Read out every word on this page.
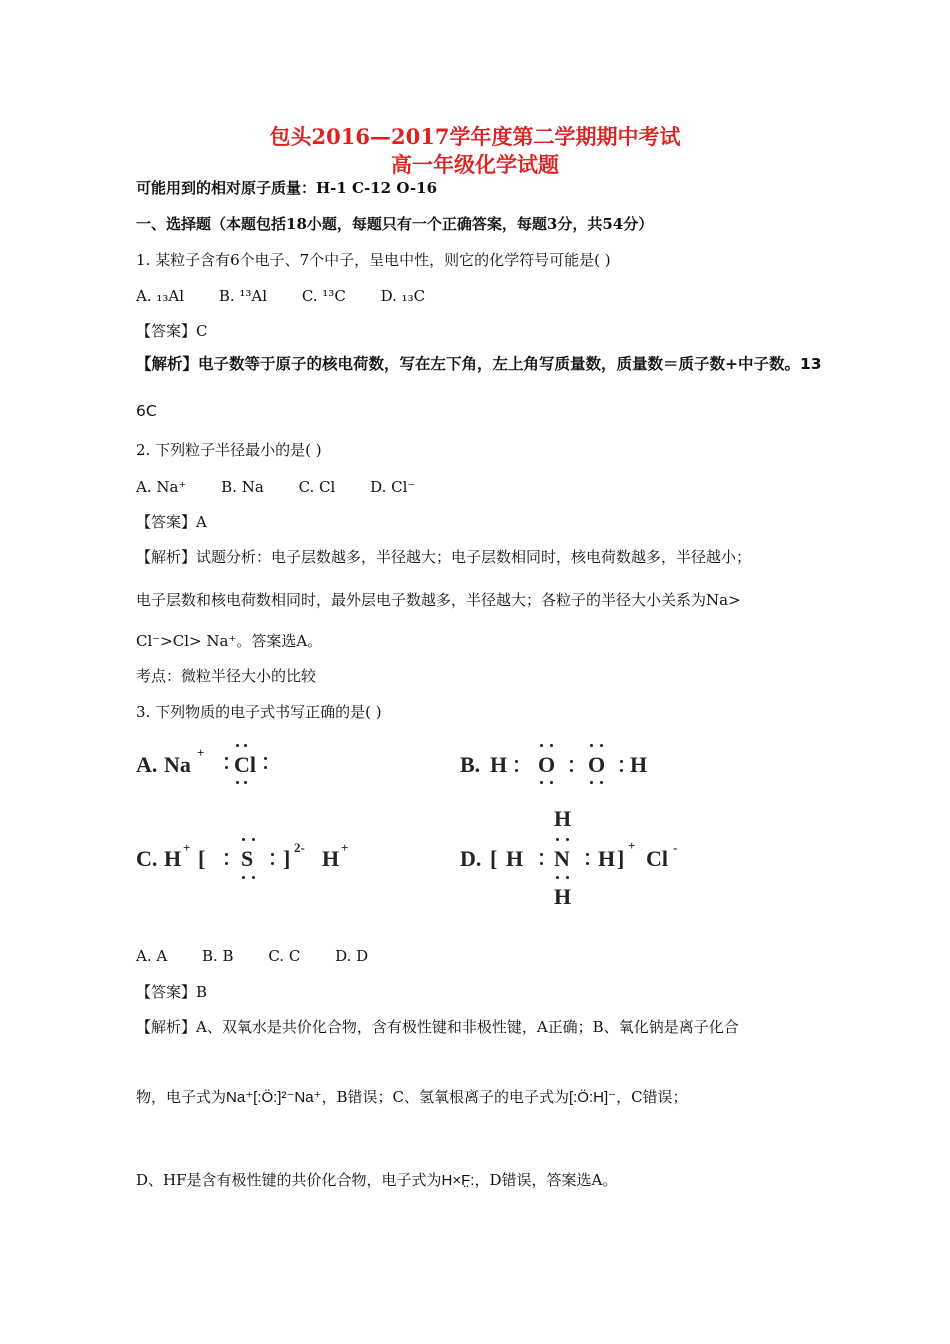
包头2016—2017学年度第二学期期中考试
高一年级化学试题
可能用到的相对原子质量：H-1 C-12 O-16
一、选择题（本题包括18小题，每题只有一个正确答案，每题3分，共54分）
1. 某粒子含有6个电子、7个中子，呈电中性，则它的化学符号可能是( )
A. ₁₃Al B. ¹³Al C. ¹³C D. ₁₃C
【答案】C
【解析】电子数等于原子的核电荷数，写在左下角，左上角写质量数，质量数＝质子数+中子数。13
6C
2. 下列粒子半径最小的是( )
A. Na⁺ B. Na C. Cl D. Cl⁻
【答案】A
【解析】试题分析：电子层数越多，半径越大；电子层数相同时，核电荷数越多，半径越小；
电子层数和核电荷数相同时，最外层电子数越多，半径越大；各粒子的半径大小关系为Na>
Cl⁻>Cl> Na⁺。答案选A。
考点：微粒半径大小的比较
3. 下列物质的电子式书写正确的是( )
A. Na + Cl	B. H O O H
C. H + [ S ] 2- H +	D. [ H N H ]
+
Cl -
H
H
A. A B. B C. C D. D
【答案】B
【解析】A、双氧水是共价化合物，含有极性键和非极性键，A正确；B、氧化钠是离子化合
物，电子式为Na⁺[:Ö:]²⁻Na⁺，B错误；C、氢氧根离子的电子式为[:Ö:H]⁻，C错误；
D、HF是含有极性键的共价化合物，电子式为H×F̤:，D错误，答案选A。
